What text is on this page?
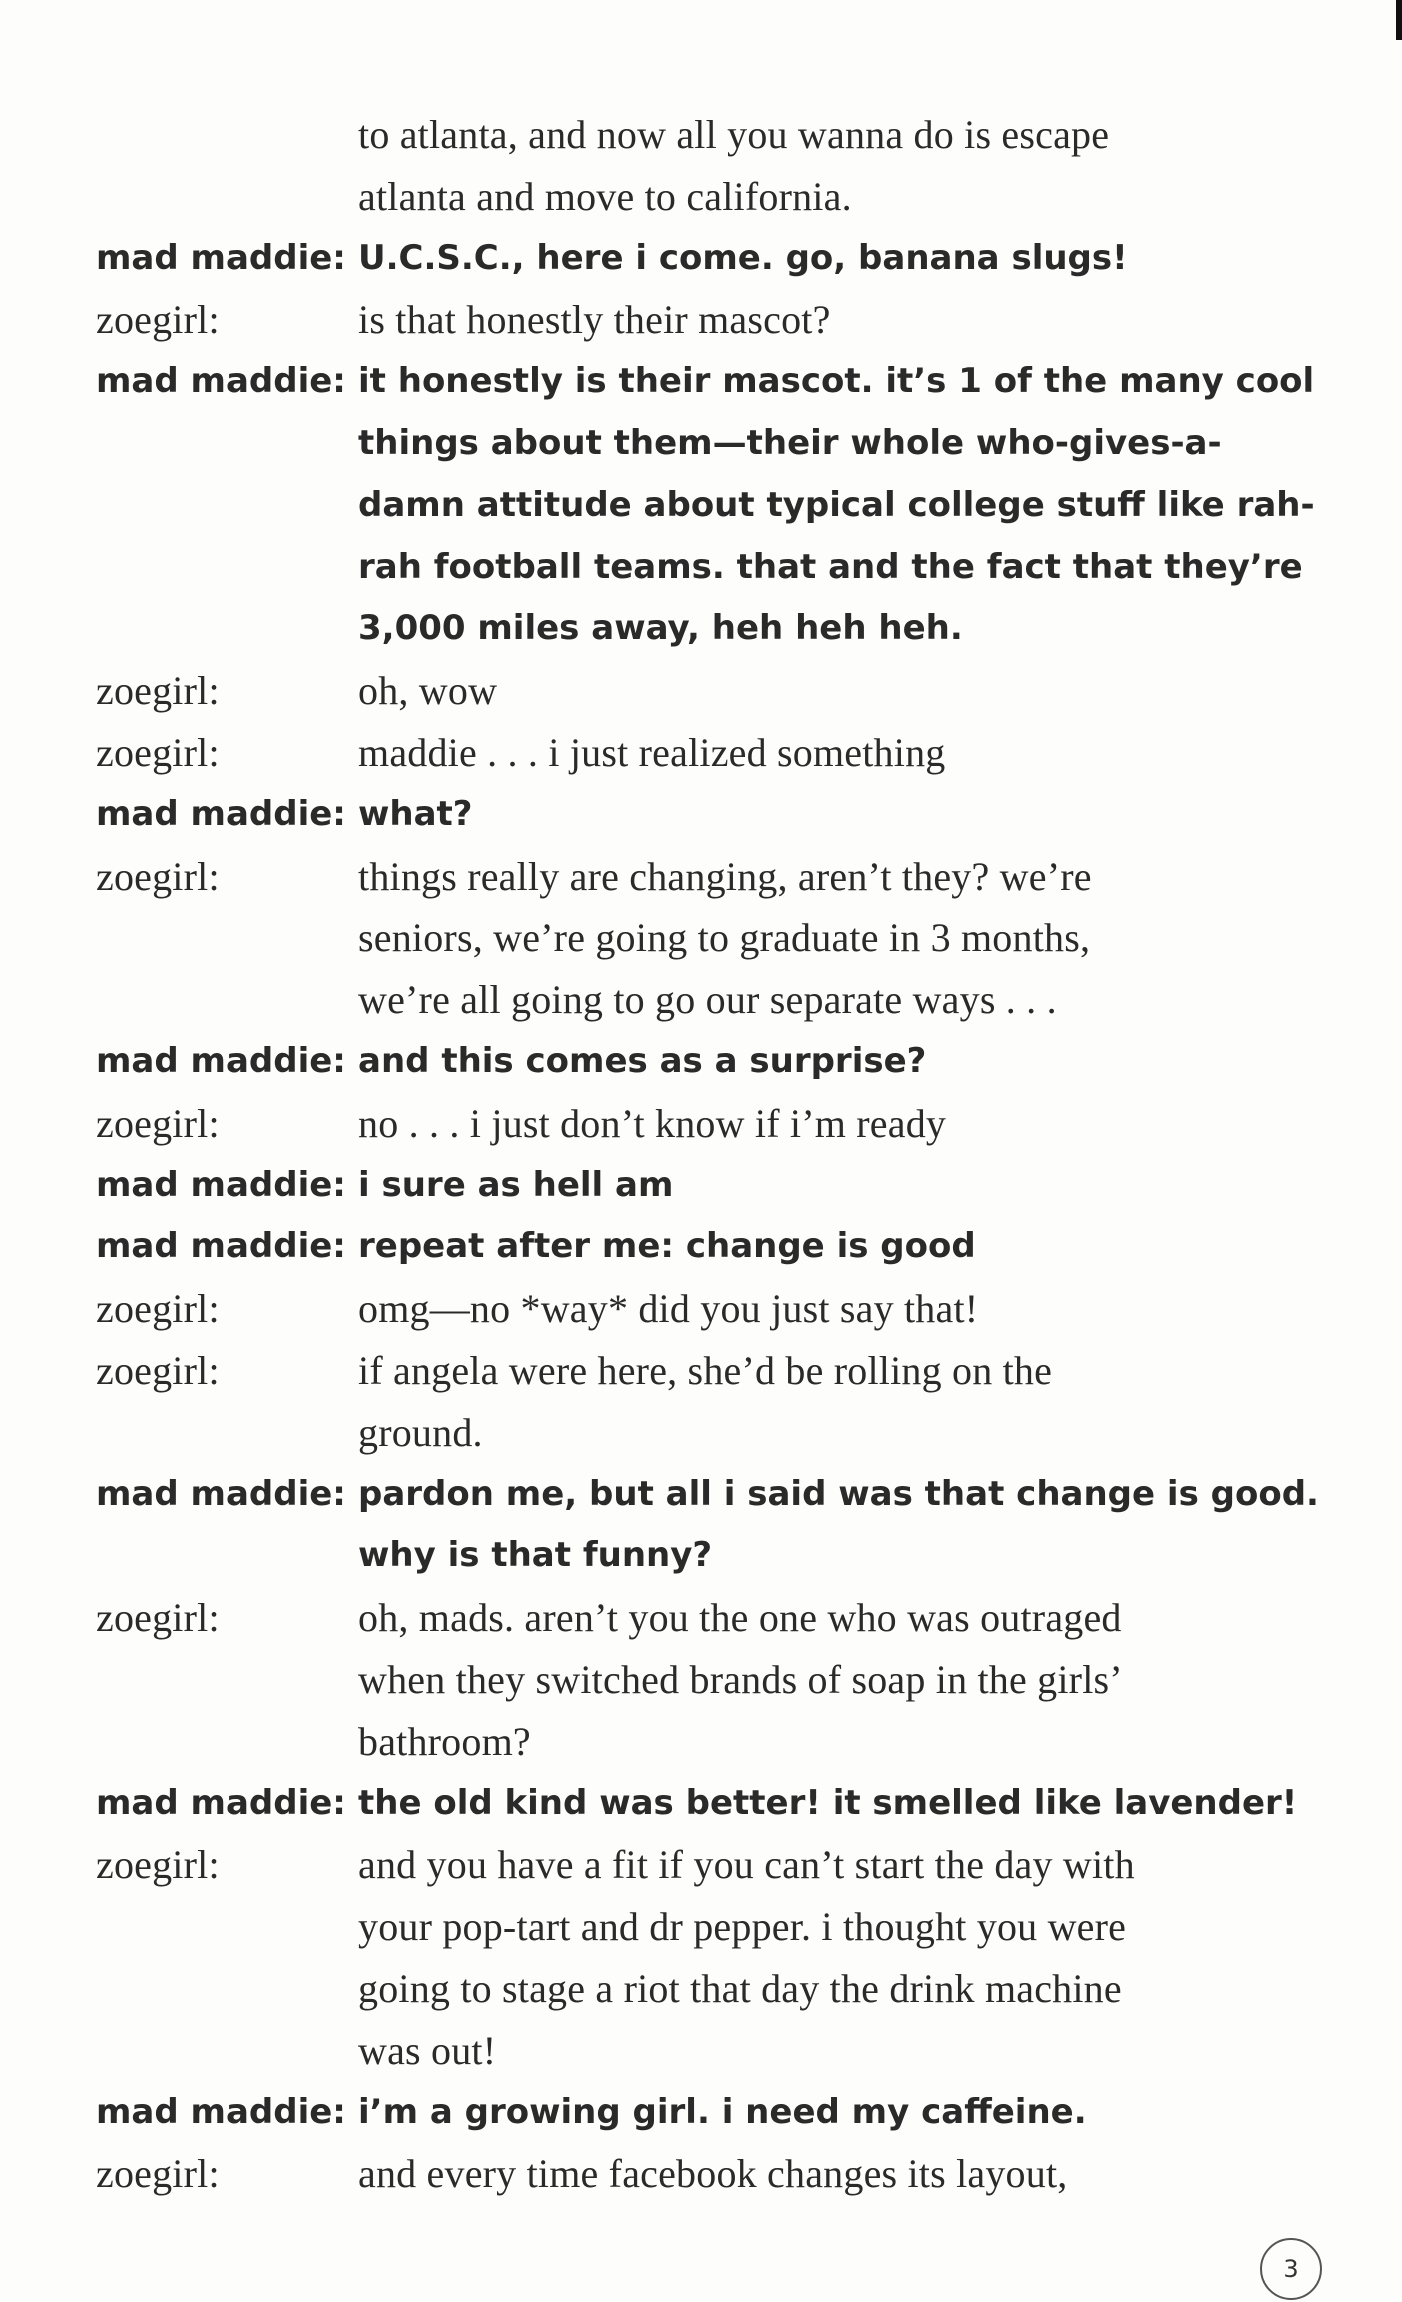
to atlanta, and now all you wanna do is escape
atlanta and move to california.
mad maddie: U.C.S.C., here i come. go, banana slugs!
zoegirl:	is that honestly their mascot?
mad maddie: it honestly is their mascot. it’s 1 of the many cool
things about them—their whole who-gives-a-
damn attitude about typical college stuff like rah-
rah football teams. that and the fact that they’re
3,000 miles away, heh heh heh.
zoegirl:	oh, wow
zoegirl:	maddie . . . i just realized something
mad maddie: what?
zoegirl:	things really are changing, aren’t they? we’re
seniors, we’re going to graduate in 3 months,
we’re all going to go our separate ways . . .
mad maddie: and this comes as a surprise?
zoegirl:	no . . . i just don’t know if i’m ready
mad maddie: i sure as hell am
mad maddie: repeat after me: change is good
zoegirl:	omg—no *way* did you just say that!
zoegirl:	if angela were here, she’d be rolling on the
ground.
mad maddie: pardon me, but all i said was that change is good.
why is that funny?
zoegirl:	oh, mads. aren’t you the one who was outraged
when they switched brands of soap in the girls’
bathroom?
mad maddie: the old kind was better! it smelled like lavender!
zoegirl:	and you have a fit if you can’t start the day with
your pop-tart and dr pepper. i thought you were
going to stage a riot that day the drink machine
was out!
mad maddie: i’m a growing girl. i need my caffeine.
zoegirl:	and every time facebook changes its layout,
3
